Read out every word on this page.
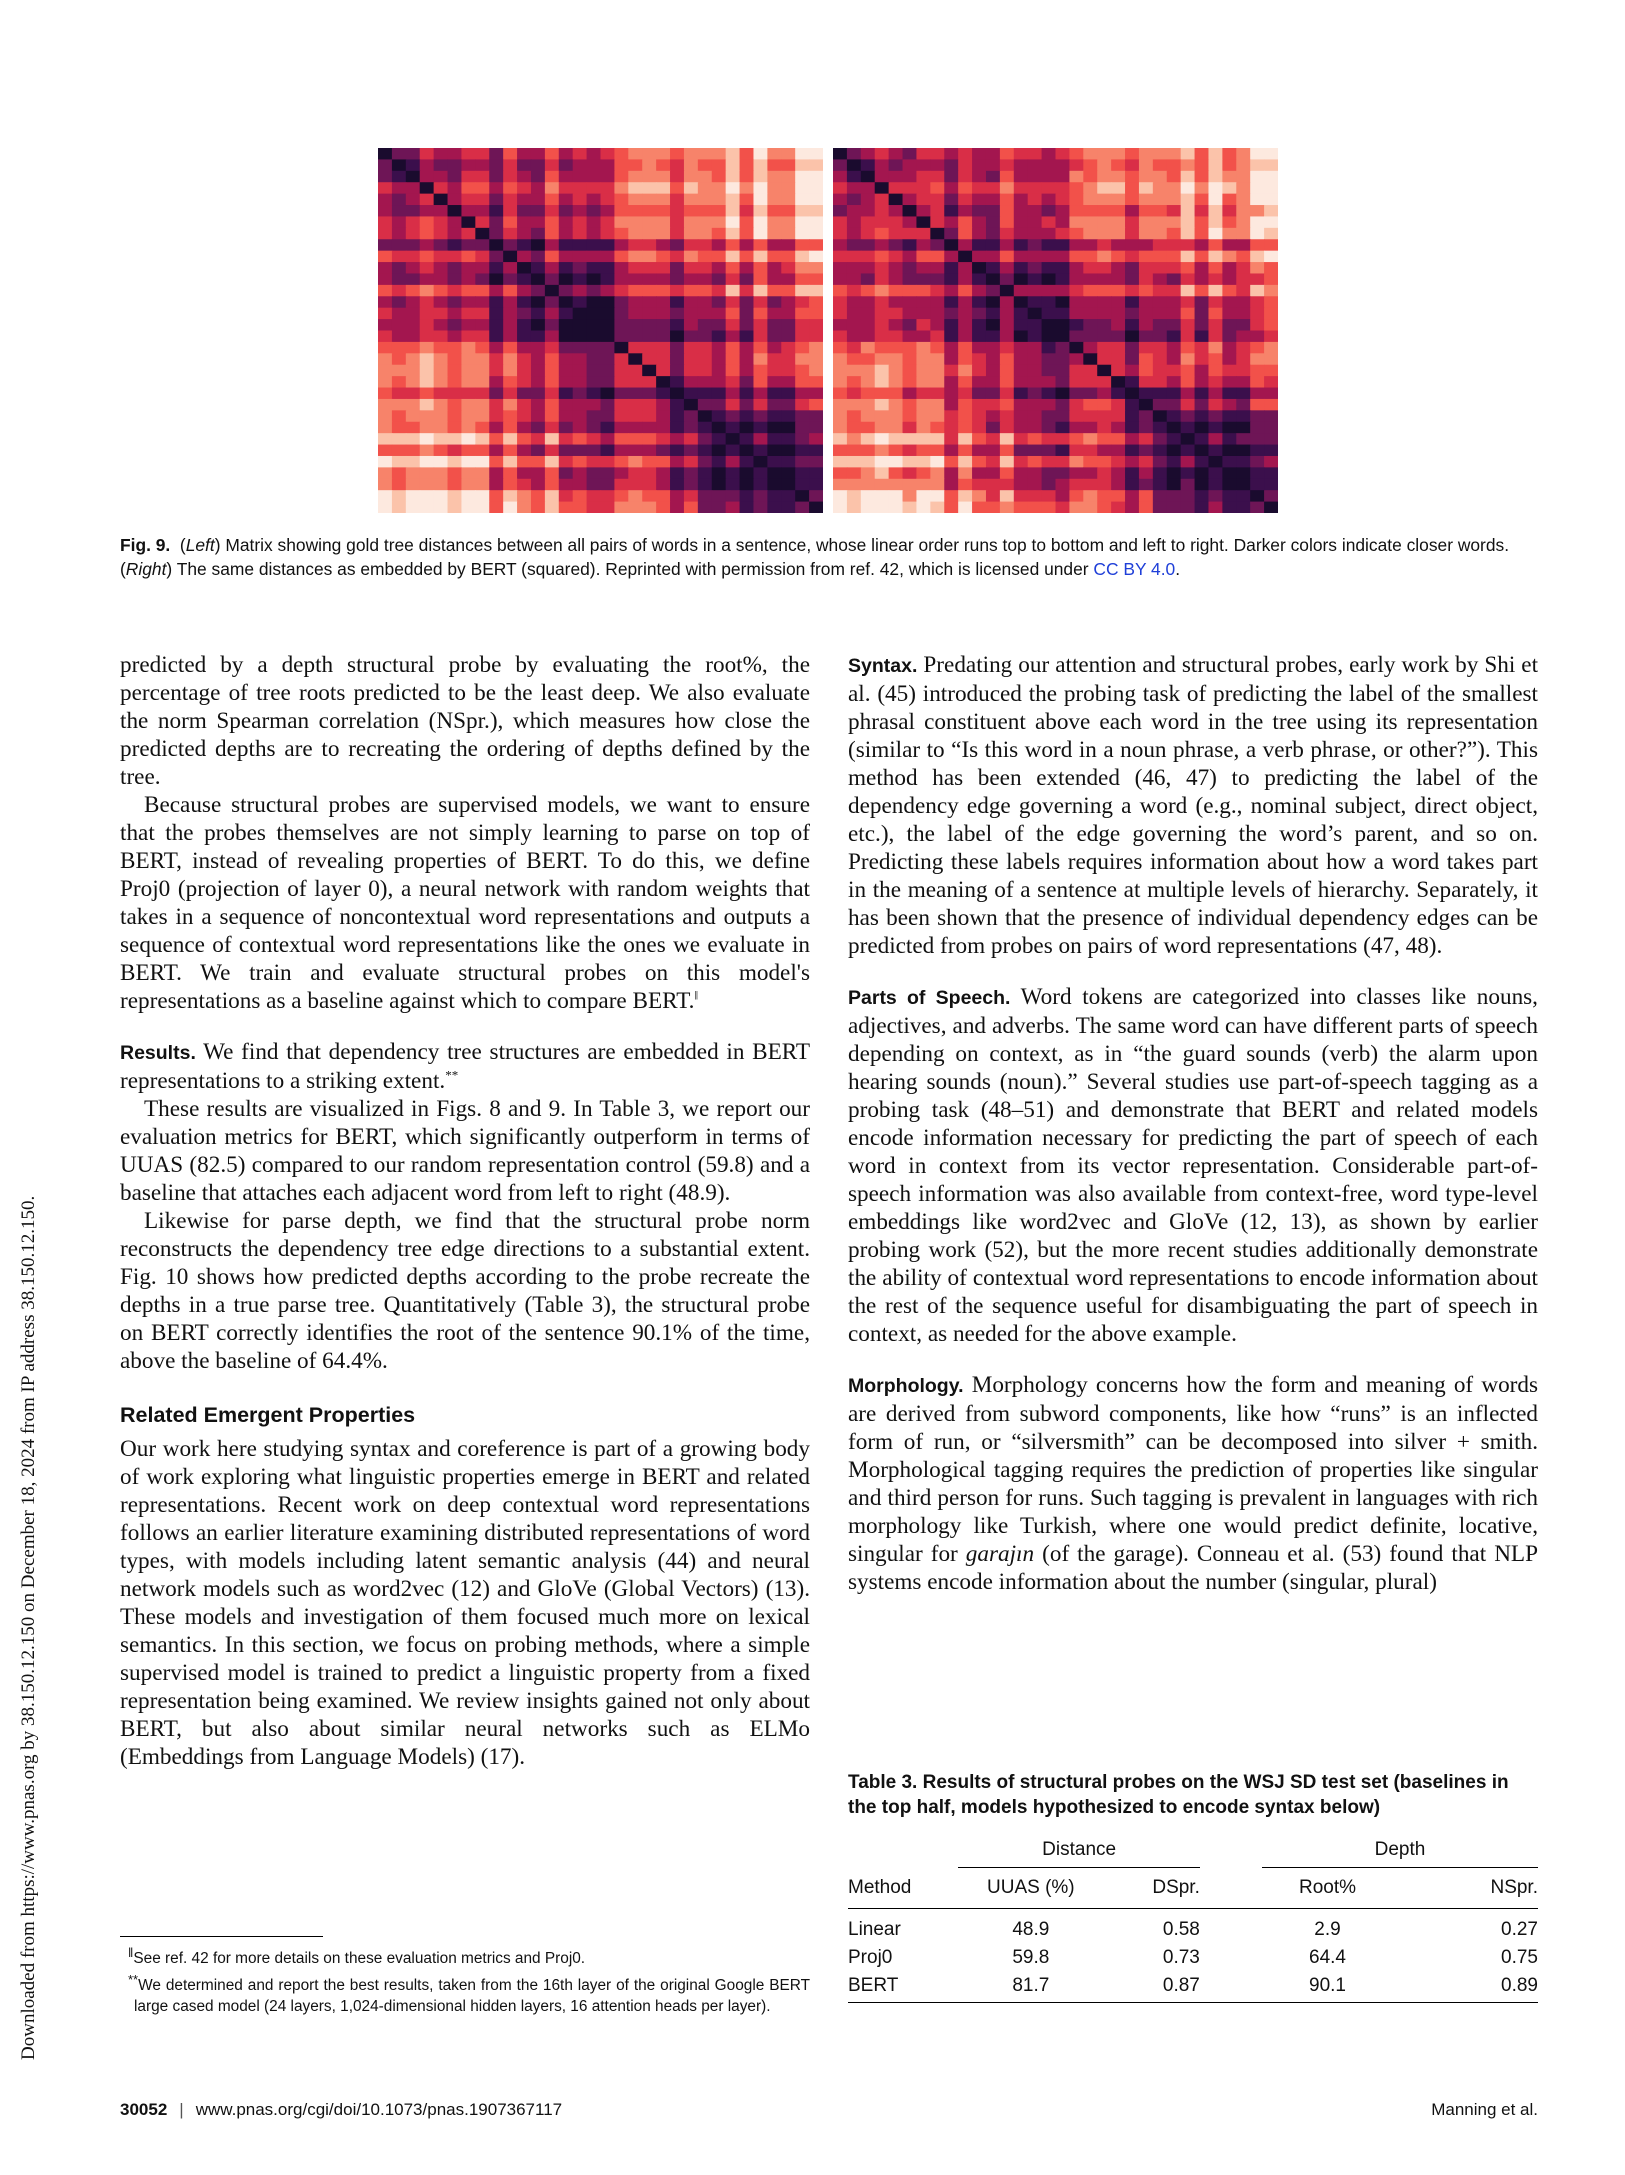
Downloaded from https://www.pnas.org by 38.150.12.150 on December 18, 2024 from IP address 38.150.12.150.
Fig. 9.  (Left) Matrix showing gold tree distances between all pairs of words in a sentence, whose linear order runs top to bottom and left to right. Darker colors indicate closer words. (Right) The same distances as embedded by BERT (squared). Reprinted with permission from ref. 42, which is licensed under CC BY 4.0.

predicted by a depth structural probe by evaluating the root%, the percentage of tree roots predicted to be the least deep. We also evaluate the norm Spearman correlation (NSpr.), which measures how close the predicted depths are to recreating the ordering of depths defined by the tree.

Because structural probes are supervised models, we want to ensure that the probes themselves are not simply learning to parse on top of BERT, instead of revealing properties of BERT. To do this, we define Proj0 (projection of layer 0), a neural network with random weights that takes in a sequence of noncontextual word representations and outputs a sequence of contextual word representations like the ones we evaluate in BERT. We train and evaluate structural probes on this model's representations as a baseline against which to compare BERT.‖

Results. We find that dependency tree structures are embedded in BERT representations to a striking extent.**

These results are visualized in Figs. 8 and 9. In Table 3, we report our evaluation metrics for BERT, which significantly outperform in terms of UUAS (82.5) compared to our random representation control (59.8) and a baseline that attaches each adjacent word from left to right (48.9).

Likewise for parse depth, we find that the structural probe norm reconstructs the dependency tree edge directions to a substantial extent. Fig. 10 shows how predicted depths according to the probe recreate the depths in a true parse tree. Quantitatively (Table 3), the structural probe on BERT correctly identifies the root of the sentence 90.1% of the time, above the baseline of 64.4%.

Related Emergent Properties

Our work here studying syntax and coreference is part of a growing body of work exploring what linguistic properties emerge in BERT and related representations. Recent work on deep contextual word representations follows an earlier literature examining distributed representations of word types, with models including latent semantic analysis (44) and neural network models such as word2vec (12) and GloVe (Global Vectors) (13). These models and investigation of them focused much more on lexical semantics. In this section, we focus on probing methods, where a simple supervised model is trained to predict a linguistic property from a fixed representation being examined. We review insights gained not only about BERT, but also about similar neural networks such as ELMo (Embeddings from Language Models) (17).

‖See ref. 42 for more details on these evaluation metrics and Proj0.

**We determined and report the best results, taken from the 16th layer of the original Google BERT large cased model (24 layers, 1,024-dimensional hidden layers, 16 attention heads per layer).

Syntax. Predating our attention and structural probes, early work by Shi et al. (45) introduced the probing task of predicting the label of the smallest phrasal constituent above each word in the tree using its representation (similar to “Is this word in a noun phrase, a verb phrase, or other?”). This method has been extended (46, 47) to predicting the label of the dependency edge governing a word (e.g., nominal subject, direct object, etc.), the label of the edge governing the word’s parent, and so on. Predicting these labels requires information about how a word takes part in the meaning of a sentence at multiple levels of hierarchy. Separately, it has been shown that the presence of individual dependency edges can be predicted from probes on pairs of word representations (47, 48).

Parts of Speech. Word tokens are categorized into classes like nouns, adjectives, and adverbs. The same word can have different parts of speech depending on context, as in “the guard sounds (verb) the alarm upon hearing sounds (noun).” Several studies use part-of-speech tagging as a probing task (48–51) and demonstrate that BERT and related models encode information necessary for predicting the part of speech of each word in context from its vector representation. Considerable part-of-speech information was also available from context-free, word type-level embeddings like word2vec and GloVe (12, 13), as shown by earlier probing work (52), but the more recent studies additionally demonstrate the ability of contextual word representations to encode information about the rest of the sequence useful for disambiguating the part of speech in context, as needed for the above example.

Morphology. Morphology concerns how the form and meaning of words are derived from subword components, like how “runs” is an inflected form of run, or “silversmith” can be decomposed into silver + smith. Morphological tagging requires the prediction of properties like singular and third person for runs. Such tagging is prevalent in languages with rich morphology like Turkish, where one would predict definite, locative, singular for garajın (of the garage). Conneau et al. (53) found that NLP systems encode information about the number (singular, plural)

Table 3. Results of structural probes on the WSJ SD test set (baselines in the top half, models hypothesized to encode syntax below)
	Distance			Depth	

Method	UUAS (%)	DSpr.		Root%	NSpr.
Linear	48.9	0.58		2.9	0.27
Proj0	59.8	0.73		64.4	0.75
BERT	81.7	0.87		90.1	0.89
30052 | www.pnas.org/cgi/doi/10.1073/pnas.1907367117	Manning et al.
